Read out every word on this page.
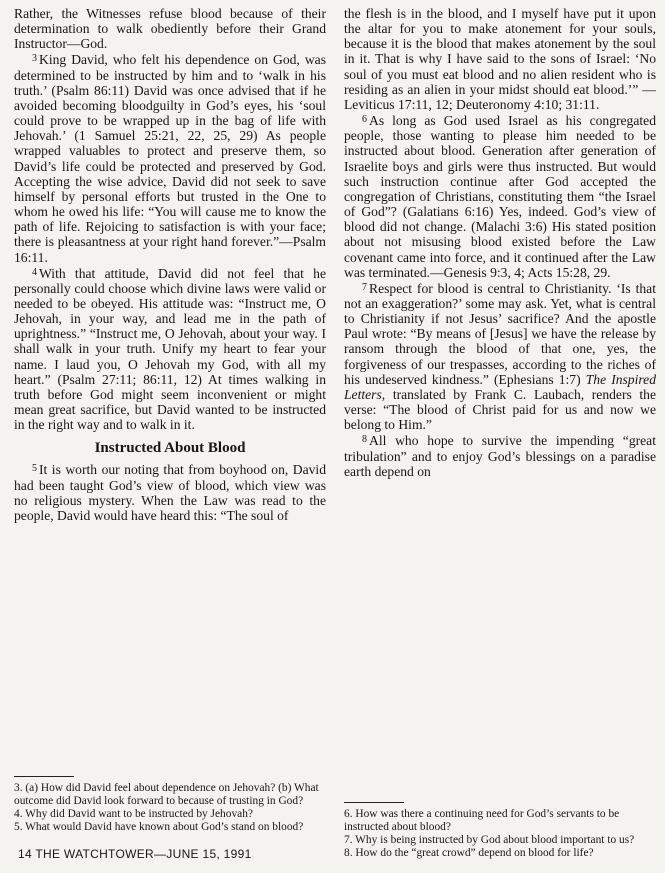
Rather, the Witnesses refuse blood because of their determination to walk obediently before their Grand Instructor—God.

$^3$ King David, who felt his dependence on God, was determined to be instructed by him and to ‘walk in his truth.’ (Psalm 86:11) David was once advised that if he avoided becoming bloodguilty in God’s eyes, his ‘soul could prove to be wrapped up in the bag of life with Jehovah.’ (1 Samuel 25:21, 22, 25, 29) As people wrapped valuables to protect and preserve them, so David’s life could be protected and preserved by God. Accepting the wise advice, David did not seek to save himself by personal efforts but trusted in the One to whom he owed his life: “You will cause me to know the path of life. Rejoicing to satisfaction is with your face; there is pleasantness at your right hand forever.”—Psalm 16:11.

$^4$ With that attitude, David did not feel that he personally could choose which divine laws were valid or needed to be obeyed. His attitude was: “Instruct me, O Jehovah, in your way, and lead me in the path of uprightness.” “Instruct me, O Jehovah, about your way. I shall walk in your truth. Unify my heart to fear your name. I laud you, O Jehovah my God, with all my heart.” (Psalm 27:11; 86:11, 12) At times walking in truth before God might seem inconvenient or might mean great sacrifice, but David wanted to be instructed in the right way and to walk in it.

Instructed About Blood

$^5$ It is worth our noting that from boyhood on, David had been taught God’s view of blood, which view was no religious mystery. When the Law was read to the people, David would have heard this: “The soul of

3. (a) How did David feel about dependence on Jehovah? (b) What outcome did David look forward to because of trusting in God?

4. Why did David want to be instructed by Jehovah?

5. What would David have known about God’s stand on blood?

the flesh is in the blood, and I myself have put it upon the altar for you to make atonement for your souls, because it is the blood that makes atonement by the soul in it. That is why I have said to the sons of Israel: ‘No soul of you must eat blood and no alien resident who is residing as an alien in your midst should eat blood.’” —Leviticus 17:11, 12; Deuteronomy 4:10; 31:11.

$^6$ As long as God used Israel as his congregated people, those wanting to please him needed to be instructed about blood. Generation after generation of Israelite boys and girls were thus instructed. But would such instruction continue after God accepted the congregation of Christians, constituting them “the Israel of God”? (Galatians 6:16) Yes, indeed. God’s view of blood did not change. (Malachi 3:6) His stated position about not misusing blood existed before the Law covenant came into force, and it continued after the Law was terminated.—Genesis 9:3, 4; Acts 15:28, 29.

$^7$ Respect for blood is central to Christianity. ‘Is that not an exaggeration?’ some may ask. Yet, what is central to Christianity if not Jesus’ sacrifice? And the apostle Paul wrote: “By means of [Jesus] we have the release by ransom through the blood of that one, yes, the forgiveness of our trespasses, according to the riches of his undeserved kindness.” (Ephesians 1:7) The Inspired Letters, translated by Frank C. Laubach, renders the verse: “The blood of Christ paid for us and now we belong to Him.”

$^8$ All who hope to survive the impending “great tribulation” and to enjoy God’s blessings on a paradise earth depend on

6. How was there a continuing need for God’s servants to be instructed about blood?

7. Why is being instructed by God about blood important to us?

8. How do the “great crowd” depend on blood for life?

14 THE WATCHTOWER—JUNE 15, 1991
